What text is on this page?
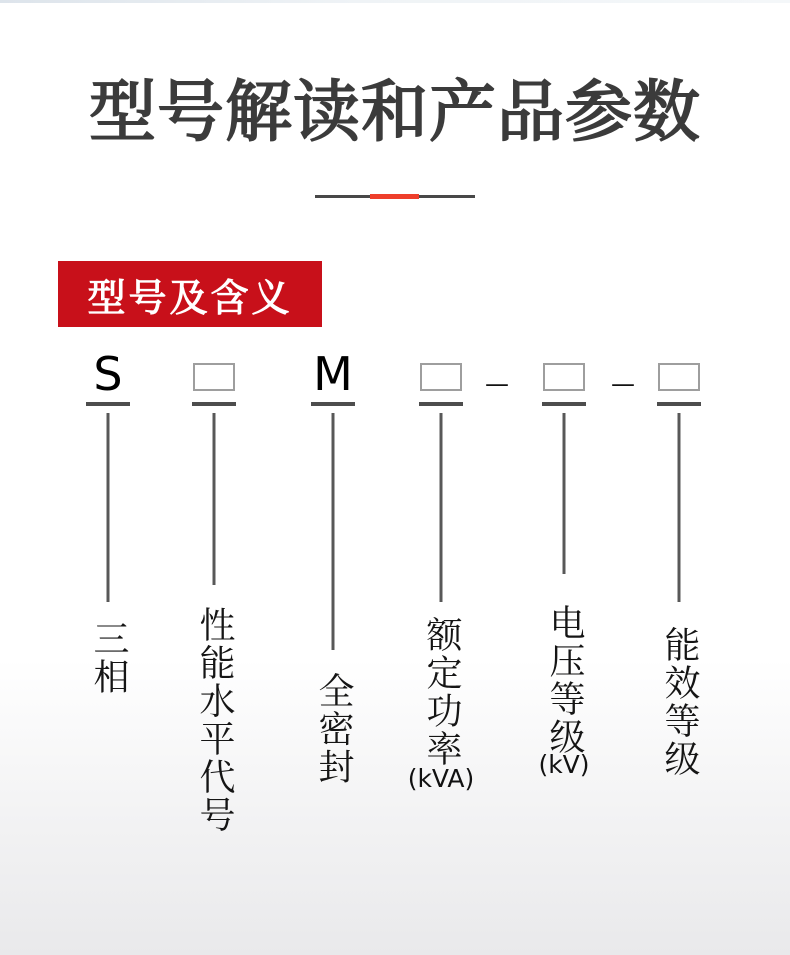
型号解读和产品参数
型号及含义
S
三相 性能水平代号
M
全密封 额定功率
(kVA)
电压等级
(kV) 能效等级
—	—
